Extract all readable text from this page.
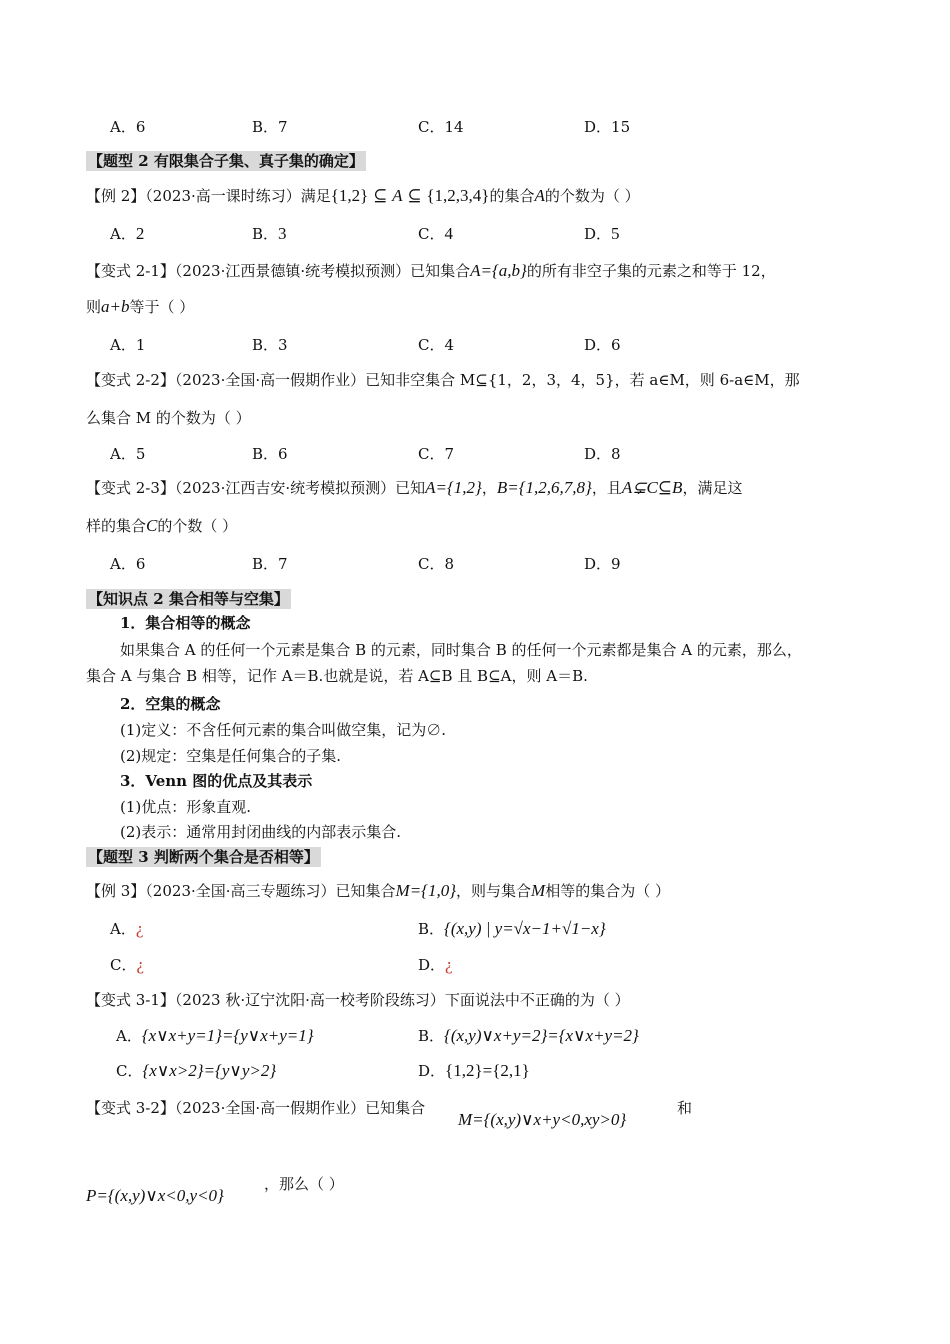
A．6	B．7	C．14	D．15
【题型 2 有限集合子集、真子集的确定】
【例 2】（2023·高一课时练习）满足{1,2} ⊆ A ⊆ {1,2,3,4}的集合A的个数为（ ）
A．2	B．3	C．4	D．5
【变式 2-1】（2023·江西景德镇·统考模拟预测）已知集合A={a,b}的所有非空子集的元素之和等于 12，
则a+b等于（ ）
A．1	B．3	C．4	D．6
【变式 2-2】（2023·全国·高一假期作业）已知非空集合 M⊆{1，2，3，4，5}，若 a∈M，则 6-a∈M，那
么集合 M 的个数为（ ）
A．5	B．6	C．7	D．8
【变式 2-3】（2023·江西吉安·统考模拟预测）已知A={1,2}，B={1,2,6,7,8}，且A⊊C⊆B，满足这
样的集合C的个数（ ）
A．6	B．7	C．8	D．9
【知识点 2 集合相等与空集】
1．集合相等的概念
如果集合 A 的任何一个元素是集合 B 的元素，同时集合 B 的任何一个元素都是集合 A 的元素，那么，
集合 A 与集合 B 相等，记作 A＝B.也就是说，若 A⊆B 且 B⊆A，则 A＝B.
2．空集的概念
(1)定义：不含任何元素的集合叫做空集，记为∅.
(2)规定：空集是任何集合的子集.
3．Venn 图的优点及其表示
(1)优点：形象直观.
(2)表示：通常用封闭曲线的内部表示集合.
【题型 3 判断两个集合是否相等】
【例 3】（2023·全国·高三专题练习）已知集合M={1,0}，则与集合M相等的集合为（ ）
A．¿	B．{(x,y) | y=√x−1+√1−x}
C．¿	D．¿
【变式 3-1】（2023 秋·辽宁沈阳·高一校考阶段练习）下面说法中不正确的为（ ）
A．{x∨x+y=1}={y∨x+y=1}	B．{(x,y)∨x+y=2}={x∨x+y=2}
C．{x∨x>2}={y∨y>2}	D．{1,2}={2,1}
【变式 3-2】（2023·全国·高一假期作业）已知集合
M={(x,y)∨x+y<0,xy>0}
和
P={(x,y)∨x<0,y<0}
，那么（ ）
